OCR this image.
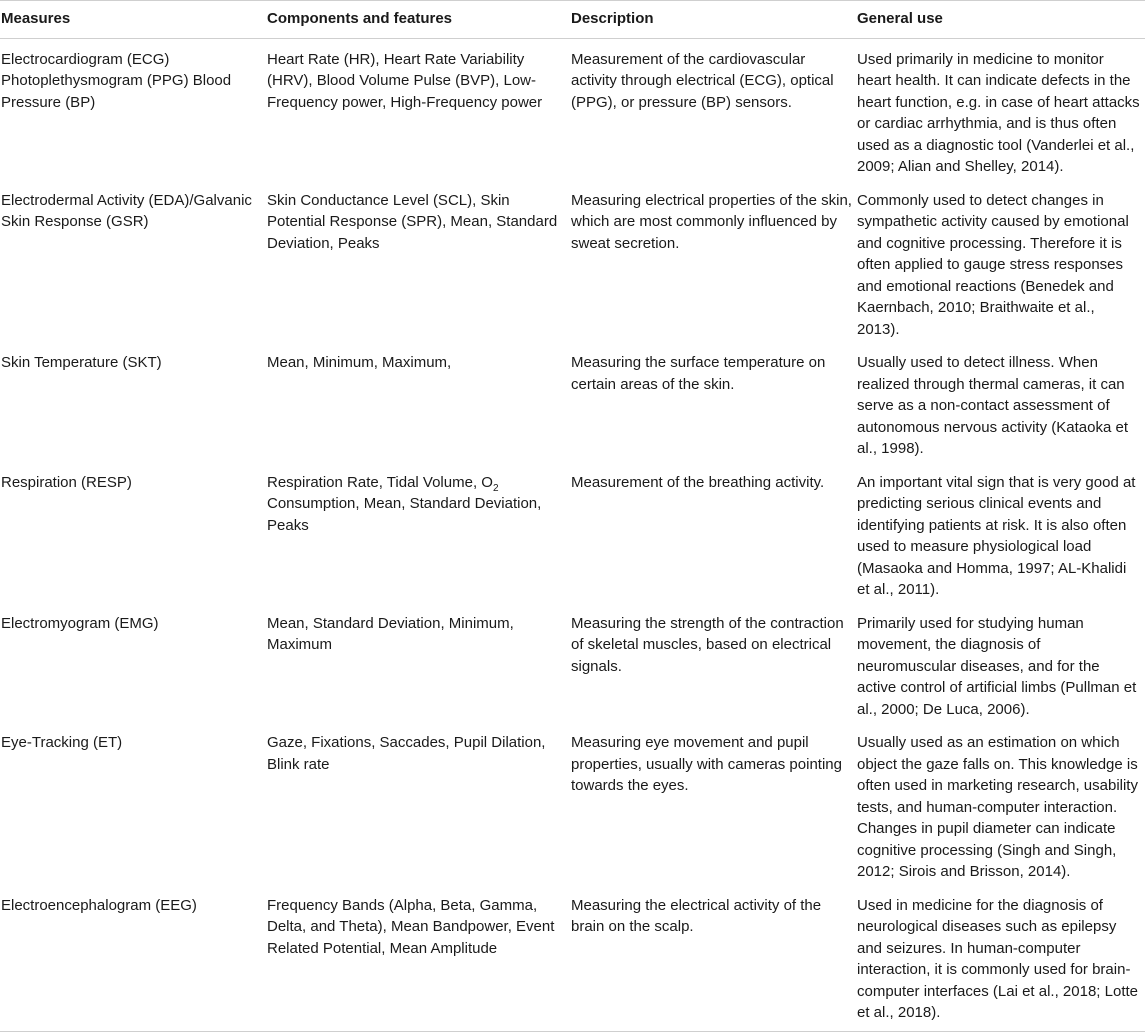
Measures	Components and features	Description	General use

Electrocardiogram (ECG) Photoplethysmogram (PPG) Blood Pressure (BP)	Heart Rate (HR), Heart Rate Variability (HRV), Blood Volume Pulse (BVP), Low-Frequency power, High-Frequency power	Measurement of the cardiovascular activity through electrical (ECG), optical (PPG), or pressure (BP) sensors.	Used primarily in medicine to monitor heart health. It can indicate defects in the heart function, e.g. in case of heart attacks or cardiac arrhythmia, and is thus often used as a diagnostic tool (Vanderlei et al., 2009; Alian and Shelley, 2014).

Electrodermal Activity (EDA)/Galvanic Skin Response (GSR)	Skin Conductance Level (SCL), Skin Potential Response (SPR), Mean, Standard Deviation, Peaks	Measuring electrical properties of the skin, which are most commonly influenced by sweat secretion.	Commonly used to detect changes in sympathetic activity caused by emotional and cognitive processing. Therefore it is often applied to gauge stress responses and emotional reactions (Benedek and Kaernbach, 2010; Braithwaite et al., 2013).

Skin Temperature (SKT)	Mean, Minimum, Maximum,	Measuring the surface temperature on certain areas of the skin.	Usually used to detect illness. When realized through thermal cameras, it can serve as a non-contact assessment of autonomous nervous activity (Kataoka et al., 1998).

Respiration (RESP)	Respiration Rate, Tidal Volume, $O_2$ Consumption, Mean, Standard Deviation, Peaks	Measurement of the breathing activity.	An important vital sign that is very good at predicting serious clinical events and identifying patients at risk. It is also often used to measure physiological load (Masaoka and Homma, 1997; AL-Khalidi et al., 2011).

Electromyogram (EMG)	Mean, Standard Deviation, Minimum, Maximum	Measuring the strength of the contraction of skeletal muscles, based on electrical signals.	Primarily used for studying human movement, the diagnosis of neuromuscular diseases, and for the active control of artificial limbs (Pullman et al., 2000; De Luca, 2006).

Eye-Tracking (ET)	Gaze, Fixations, Saccades, Pupil Dilation, Blink rate	Measuring eye movement and pupil properties, usually with cameras pointing towards the eyes.	Usually used as an estimation on which object the gaze falls on. This knowledge is often used in marketing research, usability tests, and human-computer interaction. Changes in pupil diameter can indicate cognitive processing (Singh and Singh, 2012; Sirois and Brisson, 2014).

Electroencephalogram (EEG)	Frequency Bands (Alpha, Beta, Gamma, Delta, and Theta), Mean Bandpower, Event Related Potential, Mean Amplitude	Measuring the electrical activity of the brain on the scalp.	Used in medicine for the diagnosis of neurological diseases such as epilepsy and seizures. In human-computer interaction, it is commonly used for brain-computer interfaces (Lai et al., 2018; Lotte et al., 2018).
